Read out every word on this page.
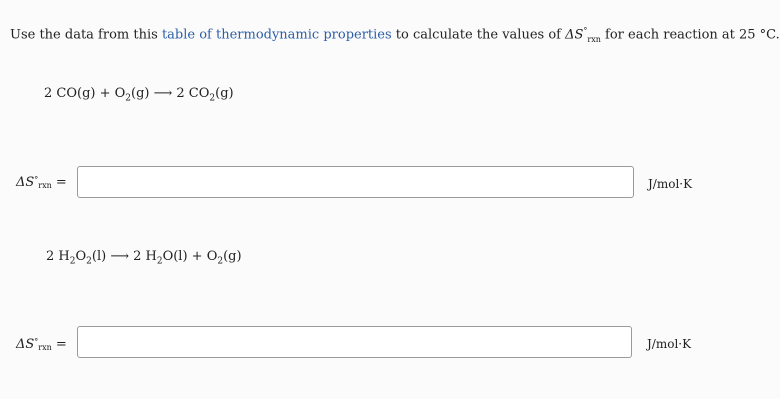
Use the data from this table of thermodynamic properties to calculate the values of $\Delta S^\circ_{rxn}$ for each reaction at 25 °C.
2 $CO(g) + O_2(g)$ ⟶ 2 $CO_2(g)$
$\Delta S^\circ_{rxn}$ =	J/mol·K
2 $H_2O_2(l)$ ⟶ 2 $H_2O(l) + O_2(g)$
$\Delta S^\circ_{rxn}$ =	J/mol·K
